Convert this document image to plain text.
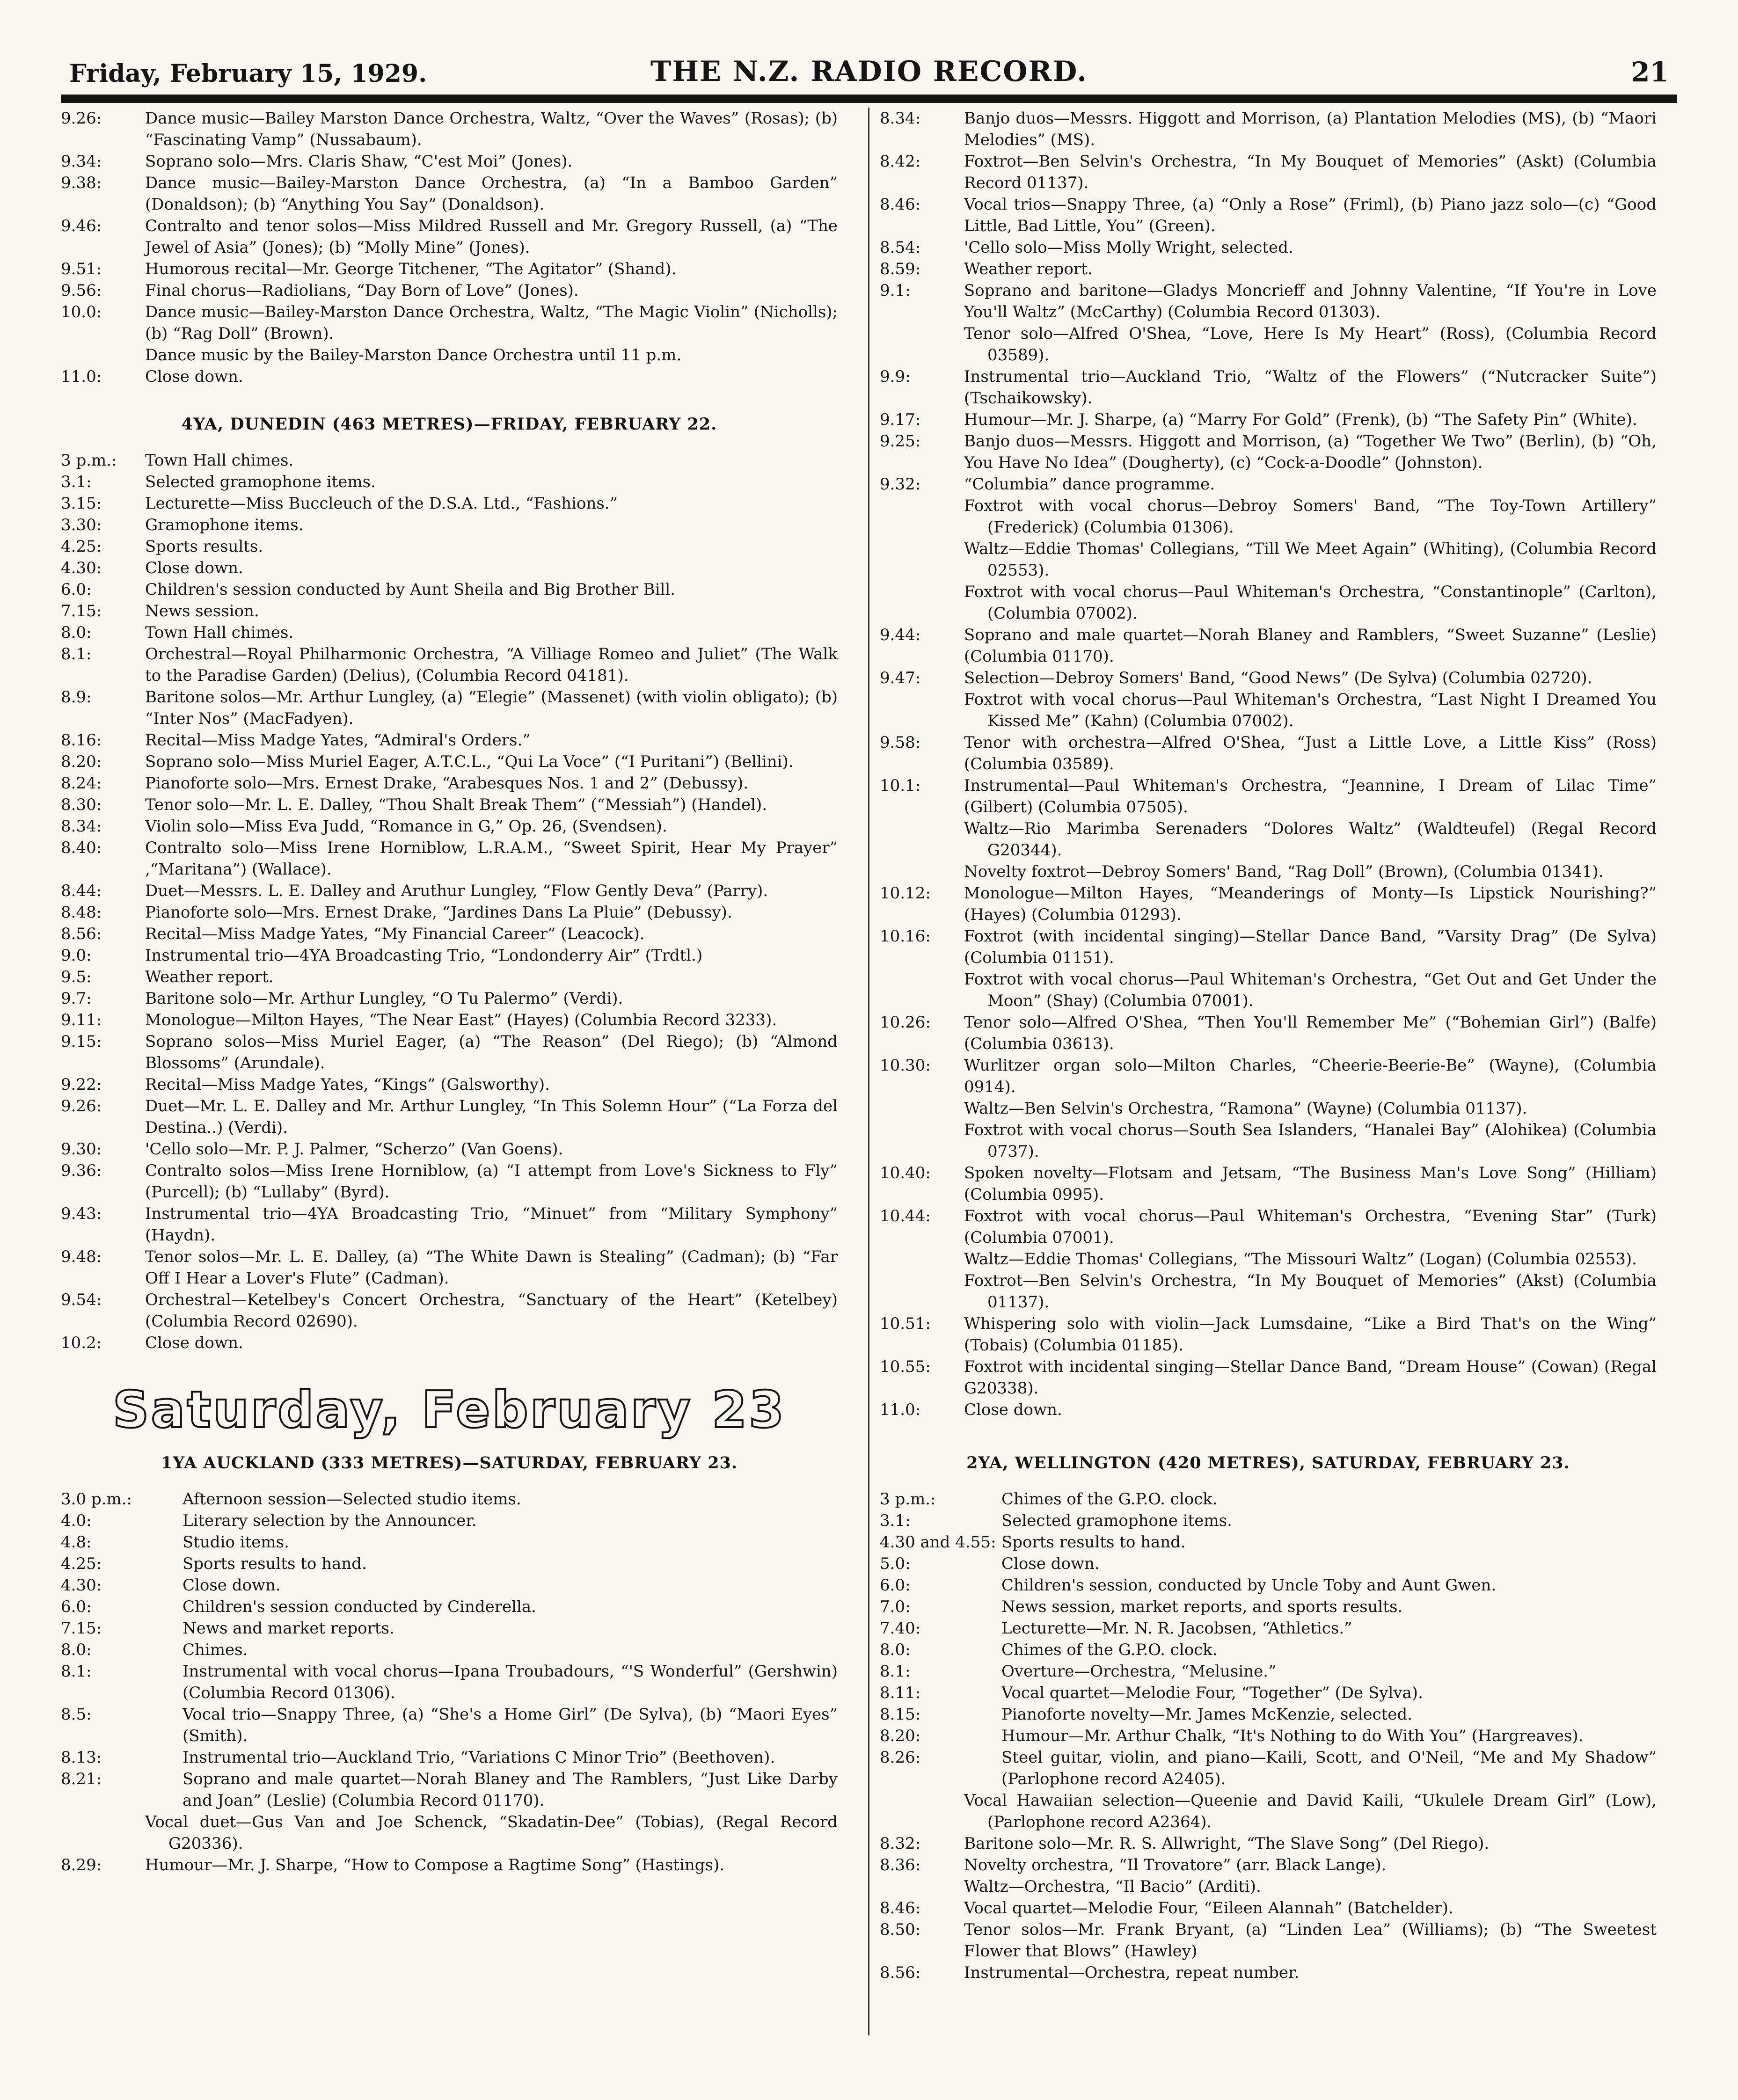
Friday, February 15, 1929.	THE N.Z. RADIO RECORD.	21
9.26:	Dance music—Bailey Marston Dance Orchestra, Waltz, “Over the Waves” (Rosas); (b) “Fascinating Vamp” (Nussabaum).
9.34:	Soprano solo—Mrs. Claris Shaw, “C'est Moi” (Jones).
9.38:	Dance music—Bailey-Marston Dance Orchestra, (a) “In a Bamboo Garden” (Donaldson); (b) “Anything You Say” (Donaldson).
9.46:	Contralto and tenor solos—Miss Mildred Russell and Mr. Gregory Russell, (a) “The Jewel of Asia” (Jones); (b) “Molly Mine” (Jones).
9.51:	Humorous recital—Mr. George Titchener, “The Agitator” (Shand).
9.56:	Final chorus—Radiolians, “Day Born of Love” (Jones).
10.0:	Dance music—Bailey-Marston Dance Orchestra, Waltz, “The Magic Violin” (Nicholls); (b) “Rag Doll” (Brown).
Dance music by the Bailey-Marston Dance Orchestra until 11 p.m.
11.0:	Close down.
4YA, DUNEDIN (463 METRES)—FRIDAY, FEBRUARY 22.
3 p.m.:	Town Hall chimes.
3.1:	Selected gramophone items.
3.15:	Lecturette—Miss Buccleuch of the D.S.A. Ltd., “Fashions.”
3.30:	Gramophone items.
4.25:	Sports results.
4.30:	Close down.
6.0:	Children's session conducted by Aunt Sheila and Big Brother Bill.
7.15:	News session.
8.0:	Town Hall chimes.
8.1:	Orchestral—Royal Philharmonic Orchestra, “A Villiage Romeo and Juliet” (The Walk to the Paradise Garden) (Delius), (Columbia Record 04181).
8.9:	Baritone solos—Mr. Arthur Lungley, (a) “Elegie” (Massenet) (with violin obligato); (b) “Inter Nos” (MacFadyen).
8.16:	Recital—Miss Madge Yates, “Admiral's Orders.”
8.20:	Soprano solo—Miss Muriel Eager, A.T.C.L., “Qui La Voce” (“I Puritani”) (Bellini).
8.24:	Pianoforte solo—Mrs. Ernest Drake, “Arabesques Nos. 1 and 2” (Debussy).
8.30:	Tenor solo—Mr. L. E. Dalley, “Thou Shalt Break Them” (“Messiah”) (Handel).
8.34:	Violin solo—Miss Eva Judd, “Romance in G,” Op. 26, (Svendsen).
8.40:	Contralto solo—Miss Irene Horniblow, L.R.A.M., “Sweet Spirit, Hear My Prayer” ,“Maritana”) (Wallace).
8.44:	Duet—Messrs. L. E. Dalley and Aruthur Lungley, “Flow Gently Deva” (Parry).
8.48:	Pianoforte solo—Mrs. Ernest Drake, “Jardines Dans La Pluie” (Debussy).
8.56:	Recital—Miss Madge Yates, “My Financial Career” (Leacock).
9.0:	Instrumental trio—4YA Broadcasting Trio, “Londonderry Air” (Trdtl.)
9.5:	Weather report.
9.7:	Baritone solo—Mr. Arthur Lungley, “O Tu Palermo” (Verdi).
9.11:	Monologue—Milton Hayes, “The Near East” (Hayes) (Columbia Record 3233).
9.15:	Soprano solos—Miss Muriel Eager, (a) “The Reason” (Del Riego); (b) “Almond Blossoms” (Arundale).
9.22:	Recital—Miss Madge Yates, “Kings” (Galsworthy).
9.26:	Duet—Mr. L. E. Dalley and Mr. Arthur Lungley, “In This Solemn Hour” (“La Forza del Destina..) (Verdi).
9.30:	'Cello solo—Mr. P. J. Palmer, “Scherzo” (Van Goens).
9.36:	Contralto solos—Miss Irene Horniblow, (a) “I attempt from Love's Sickness to Fly” (Purcell); (b) “Lullaby” (Byrd).
9.43:	Instrumental trio—4YA Broadcasting Trio, “Minuet” from “Military Symphony” (Haydn).
9.48:	Tenor solos—Mr. L. E. Dalley, (a) “The White Dawn is Stealing” (Cadman); (b) “Far Off I Hear a Lover's Flute” (Cadman).
9.54:	Orchestral—Ketelbey's Concert Orchestra, “Sanctuary of the Heart” (Ketelbey) (Columbia Record 02690).
10.2:	Close down.
Saturday, February 23
1YA AUCKLAND (333 METRES)—SATURDAY, FEBRUARY 23.
3.0 p.m.:	Afternoon session—Selected studio items.
4.0:	Literary selection by the Announcer.
4.8:	Studio items.
4.25:	Sports results to hand.
4.30:	Close down.
6.0:	Children's session conducted by Cinderella.
7.15:	News and market reports.
8.0:	Chimes.
8.1:	Instrumental with vocal chorus—Ipana Troubadours, “'S Wonderful” (Gershwin) (Columbia Record 01306).
8.5:	Vocal trio—Snappy Three, (a) “She's a Home Girl” (De Sylva), (b) “Maori Eyes” (Smith).
8.13:	Instrumental trio—Auckland Trio, “Variations C Minor Trio” (Beethoven).
8.21:	Soprano and male quartet—Norah Blaney and The Ramblers, “Just Like Darby and Joan” (Leslie) (Columbia Record 01170).
Vocal duet—Gus Van and Joe Schenck, “Skadatin-Dee” (Tobias), (Regal Record G20336).
8.29:	Humour—Mr. J. Sharpe, “How to Compose a Ragtime Song” (Hastings).
8.34:	Banjo duos—Messrs. Higgott and Morrison, (a) Plantation Melodies (MS), (b) “Maori Melodies” (MS).
8.42:	Foxtrot—Ben Selvin's Orchestra, “In My Bouquet of Memories” (Askt) (Columbia Record 01137).
8.46:	Vocal trios—Snappy Three, (a) “Only a Rose” (Friml), (b) Piano jazz solo—(c) “Good Little, Bad Little, You” (Green).
8.54:	'Cello solo—Miss Molly Wright, selected.
8.59:	Weather report.
9.1:	Soprano and baritone—Gladys Moncrieff and Johnny Valentine, “If You're in Love You'll Waltz” (McCarthy) (Columbia Record 01303).
Tenor solo—Alfred O'Shea, “Love, Here Is My Heart” (Ross), (Columbia Record 03589).
9.9:	Instrumental trio—Auckland Trio, “Waltz of the Flowers” (“Nutcracker Suite”) (Tschaikowsky).
9.17:	Humour—Mr. J. Sharpe, (a) “Marry For Gold” (Frenk), (b) “The Safety Pin” (White).
9.25:	Banjo duos—Messrs. Higgott and Morrison, (a) “Together We Two” (Berlin), (b) “Oh, You Have No Idea” (Dougherty), (c) “Cock-a-Doodle” (Johnston).
9.32:	“Columbia” dance programme.
Foxtrot with vocal chorus—Debroy Somers' Band, “The Toy-Town Artillery” (Frederick) (Columbia 01306).
Waltz—Eddie Thomas' Collegians, “Till We Meet Again” (Whiting), (Columbia Record 02553).
Foxtrot with vocal chorus—Paul Whiteman's Orchestra, “Constantinople” (Carlton), (Columbia 07002).
9.44:	Soprano and male quartet—Norah Blaney and Ramblers, “Sweet Suzanne” (Leslie) (Columbia 01170).
9.47:	Selection—Debroy Somers' Band, “Good News” (De Sylva) (Columbia 02720).
Foxtrot with vocal chorus—Paul Whiteman's Orchestra, “Last Night I Dreamed You Kissed Me” (Kahn) (Columbia 07002).
9.58:	Tenor with orchestra—Alfred O'Shea, “Just a Little Love, a Little Kiss” (Ross) (Columbia 03589).
10.1:	Instrumental—Paul Whiteman's Orchestra, “Jeannine, I Dream of Lilac Time” (Gilbert) (Columbia 07505).
Waltz—Rio Marimba Serenaders “Dolores Waltz” (Waldteufel) (Regal Record G20344).
Novelty foxtrot—Debroy Somers' Band, “Rag Doll” (Brown), (Columbia 01341).
10.12:	Monologue—Milton Hayes, “Meanderings of Monty—Is Lipstick Nourishing?” (Hayes) (Columbia 01293).
10.16:	Foxtrot (with incidental singing)—Stellar Dance Band, “Varsity Drag” (De Sylva) (Columbia 01151).
Foxtrot with vocal chorus—Paul Whiteman's Orchestra, “Get Out and Get Under the Moon” (Shay) (Columbia 07001).
10.26:	Tenor solo—Alfred O'Shea, “Then You'll Remember Me” (“Bohemian Girl”) (Balfe) (Columbia 03613).
10.30:	Wurlitzer organ solo—Milton Charles, “Cheerie-Beerie-Be” (Wayne), (Columbia 0914).
Waltz—Ben Selvin's Orchestra, “Ramona” (Wayne) (Columbia 01137).
Foxtrot with vocal chorus—South Sea Islanders, “Hanalei Bay” (Alohikea) (Columbia 0737).
10.40:	Spoken novelty—Flotsam and Jetsam, “The Business Man's Love Song” (Hilliam) (Columbia 0995).
10.44:	Foxtrot with vocal chorus—Paul Whiteman's Orchestra, “Evening Star” (Turk) (Columbia 07001).
Waltz—Eddie Thomas' Collegians, “The Missouri Waltz” (Logan) (Columbia 02553).
Foxtrot—Ben Selvin's Orchestra, “In My Bouquet of Memories” (Akst) (Columbia 01137).
10.51:	Whispering solo with violin—Jack Lumsdaine, “Like a Bird That's on the Wing” (Tobais) (Columbia 01185).
10.55:	Foxtrot with incidental singing—Stellar Dance Band, “Dream House” (Cowan) (Regal G20338).
11.0:	Close down.
2YA, WELLINGTON (420 METRES), SATURDAY, FEBRUARY 23.
3 p.m.:	Chimes of the G.P.O. clock.
3.1:	Selected gramophone items.
4.30 and 4.55: Sports results to hand.
5.0:	Close down.
6.0:	Children's session, conducted by Uncle Toby and Aunt Gwen.
7.0:	News session, market reports, and sports results.
7.40:	Lecturette—Mr. N. R. Jacobsen, “Athletics.”
8.0:	Chimes of the G.P.O. clock.
8.1:	Overture—Orchestra, “Melusine.”
8.11:	Vocal quartet—Melodie Four, “Together” (De Sylva).
8.15:	Pianoforte novelty—Mr. James McKenzie, selected.
8.20:	Humour—Mr. Arthur Chalk, “It's Nothing to do With You” (Hargreaves).
8.26:	Steel guitar, violin, and piano—Kaili, Scott, and O'Neil, “Me and My Shadow” (Parlophone record A2405).
Vocal Hawaiian selection—Queenie and David Kaili, “Ukulele Dream Girl” (Low), (Parlophone record A2364).
8.32:	Baritone solo—Mr. R. S. Allwright, “The Slave Song” (Del Riego).
8.36:	Novelty orchestra, “Il Trovatore” (arr. Black Lange).
Waltz—Orchestra, “Il Bacio” (Arditi).
8.46:	Vocal quartet—Melodie Four, “Eileen Alannah” (Batchelder).
8.50:	Tenor solos—Mr. Frank Bryant, (a) “Linden Lea” (Williams); (b) “The Sweetest Flower that Blows” (Hawley)
8.56:	Instrumental—Orchestra, repeat number.
